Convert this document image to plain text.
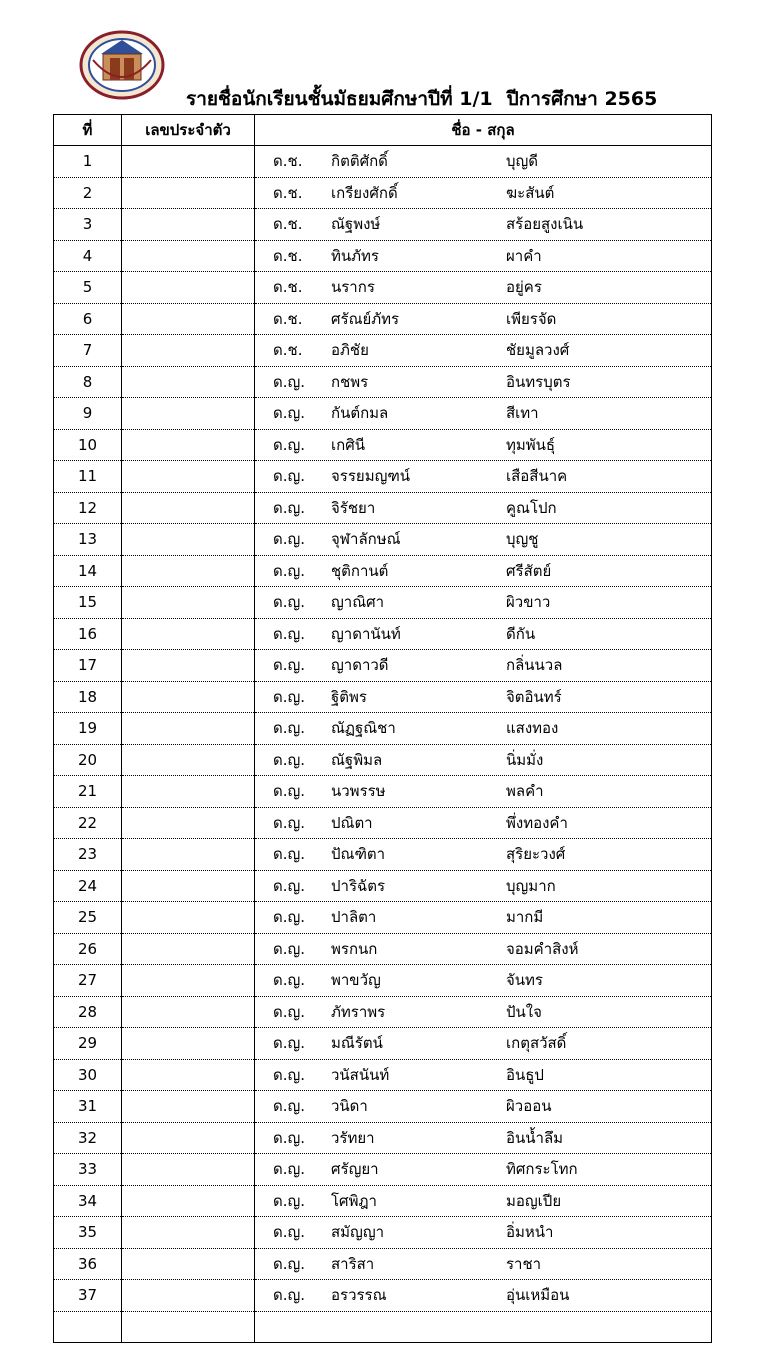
รายชื่อนักเรียนชั้นมัธยมศึกษาปีที่ 1/1 ปีการศึกษา 2565
ที่	เลขประจำตัว	ชื่อ - สกุล
1		ด.ช. กิตติศักดิ์ บุญดี

2		ด.ช. เกรียงศักดิ์ ฆะสันต์

3		ด.ช. ณัฐพงษ์ สร้อยสูงเนิน

4		ด.ช. ทินภัทร ผาคำ

5		ด.ช. นรากร อยู่คร

6		ด.ช. ศรัณย์ภัทร เพียรจัด

7		ด.ช. อภิชัย ชัยมูลวงศ์

8		ด.ญ. กชพร อินทรบุตร

9		ด.ญ. กันต์กมล สีเทา

10		ด.ญ. เกศินี ทุมพันธุ์

11		ด.ญ. จรรยมญฑน์ เสือสีนาค

12		ด.ญ. จิรัชยา คูณโปก

13		ด.ญ. จุฬาลักษณ์ บุญชู

14		ด.ญ. ชุติกานต์ ศรีสัตย์

15		ด.ญ. ญาณิศา ผิวขาว

16		ด.ญ. ญาดานันท์ ดีกัน

17		ด.ญ. ญาดาวดี กลิ่นนวล

18		ด.ญ. ฐิติพร จิตอินทร์

19		ด.ญ. ณัฏฐณิชา แสงทอง

20		ด.ญ. ณัฐพิมล นิ่มมั่ง

21		ด.ญ. นวพรรษ พลคำ

22		ด.ญ. ปณิตา พึ่งทองคำ

23		ด.ญ. ปัณฑิตา สุริยะวงศ์

24		ด.ญ. ปาริฉัตร บุญมาก

25		ด.ญ. ปาลิตา มากมี

26		ด.ญ. พรกนก จอมคำสิงห์

27		ด.ญ. พาขวัญ จันทร

28		ด.ญ. ภัทราพร ปันใจ

29		ด.ญ. มณีรัตน์ เกตุสวัสดิ์

30		ด.ญ. วนัสนันท์ อินธูป

31		ด.ญ. วนิดา ผิวออน

32		ด.ญ. วรัทยา อินน้ำลึม

33		ด.ญ. ศรัญยา ทิศกระโทก

34		ด.ญ. โศพิฎา มอญเปีย

35		ด.ญ. สมัญญา อิ่มหนำ

36		ด.ญ. สาริสา ราชา

37		ด.ญ. อรวรรณ อุ่นเหมือน
